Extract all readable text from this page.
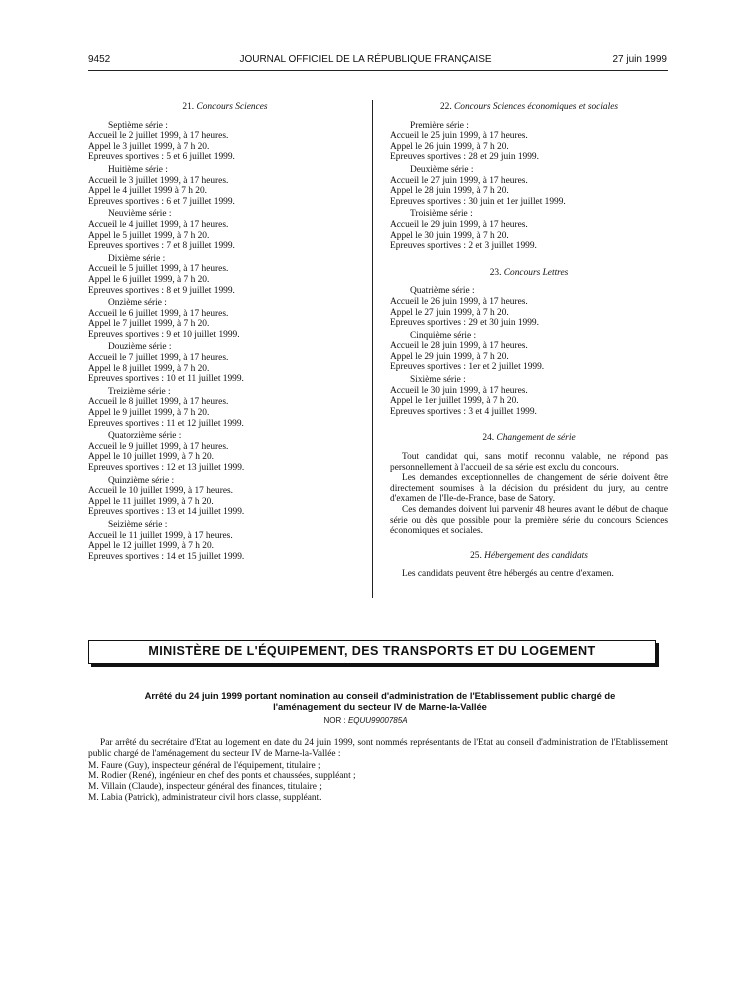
9452	JOURNAL OFFICIEL DE LA RÉPUBLIQUE FRANÇAISE	27 juin 1999
21. Concours Sciences
Septième série :
Accueil le 2 juillet 1999, à 17 heures.
Appel le 3 juillet 1999, à 7 h 20.
Epreuves sportives : 5 et 6 juillet 1999.
Huitième série :
Accueil le 3 juillet 1999, à 17 heures.
Appel le 4 juillet 1999 à 7 h 20.
Epreuves sportives : 6 et 7 juillet 1999.
Neuvième série :
Accueil le 4 juillet 1999, à 17 heures.
Appel le 5 juillet 1999, à 7 h 20.
Epreuves sportives : 7 et 8 juillet 1999.
Dixième série :
Accueil le 5 juillet 1999, à 17 heures.
Appel le 6 juillet 1999, à 7 h 20.
Epreuves sportives : 8 et 9 juillet 1999.
Onzième série :
Accueil le 6 juillet 1999, à 17 heures.
Appel le 7 juillet 1999, à 7 h 20.
Epreuves sportives : 9 et 10 juillet 1999.
Douzième série :
Accueil le 7 juillet 1999, à 17 heures.
Appel le 8 juillet 1999, à 7 h 20.
Epreuves sportives : 10 et 11 juillet 1999.
Treizième série :
Accueil le 8 juillet 1999, à 17 heures.
Appel le 9 juillet 1999, à 7 h 20.
Epreuves sportives : 11 et 12 juillet 1999.
Quatorzième série :
Accueil le 9 juillet 1999, à 17 heures.
Appel le 10 juillet 1999, à 7 h 20.
Epreuves sportives : 12 et 13 juillet 1999.
Quinzième série :
Accueil le 10 juillet 1999, à 17 heures.
Appel le 11 juillet 1999, à 7 h 20.
Epreuves sportives : 13 et 14 juillet 1999.
Seizième série :
Accueil le 11 juillet 1999, à 17 heures.
Appel le 12 juillet 1999, à 7 h 20.
Epreuves sportives : 14 et 15 juillet 1999.
22. Concours Sciences économiques et sociales
Première série :
Accueil le 25 juin 1999, à 17 heures.
Appel le 26 juin 1999, à 7 h 20.
Epreuves sportives : 28 et 29 juin 1999.
Deuxième série :
Accueil le 27 juin 1999, à 17 heures.
Appel le 28 juin 1999, à 7 h 20.
Epreuves sportives : 30 juin et 1er juillet 1999.
Troisième série :
Accueil le 29 juin 1999, à 17 heures.
Appel le 30 juin 1999, à 7 h 20.
Epreuves sportives : 2 et 3 juillet 1999.
23. Concours Lettres
Quatrième série :
Accueil le 26 juin 1999, à 17 heures.
Appel le 27 juin 1999, à 7 h 20.
Epreuves sportives : 29 et 30 juin 1999.
Cinquième série :
Accueil le 28 juin 1999, à 17 heures.
Appel le 29 juin 1999, à 7 h 20.
Epreuves sportives : 1er et 2 juillet 1999.
Sixième série :
Accueil le 30 juin 1999, à 17 heures.
Appel le 1er juillet 1999, à 7 h 20.
Epreuves sportives : 3 et 4 juillet 1999.
24. Changement de série
Tout candidat qui, sans motif reconnu valable, ne répond pas personnellement à l'accueil de sa série est exclu du concours.
Les demandes exceptionnelles de changement de série doivent être directement soumises à la décision du président du jury, au centre d'examen de l'Ile-de-France, base de Satory.
Ces demandes doivent lui parvenir 48 heures avant le début de chaque série ou dès que possible pour la première série du concours Sciences économiques et sociales.
25. Hébergement des candidats
Les candidats peuvent être hébergés au centre d'examen.
MINISTÈRE DE L'ÉQUIPEMENT, DES TRANSPORTS ET DU LOGEMENT
Arrêté du 24 juin 1999 portant nomination au conseil d'administration de l'Etablissement public chargé de l'aménagement du secteur IV de Marne-la-Vallée
NOR : EQUU9900785A
Par arrêté du secrétaire d'Etat au logement en date du 24 juin 1999, sont nommés représentants de l'Etat au conseil d'administration de l'Etablissement public chargé de l'aménagement du secteur IV de Marne-la-Vallée :
M. Faure (Guy), inspecteur général de l'équipement, titulaire ;
M. Rodier (René), ingénieur en chef des ponts et chaussées, suppléant ;
M. Villain (Claude), inspecteur général des finances, titulaire ;
M. Labia (Patrick), administrateur civil hors classe, suppléant.
